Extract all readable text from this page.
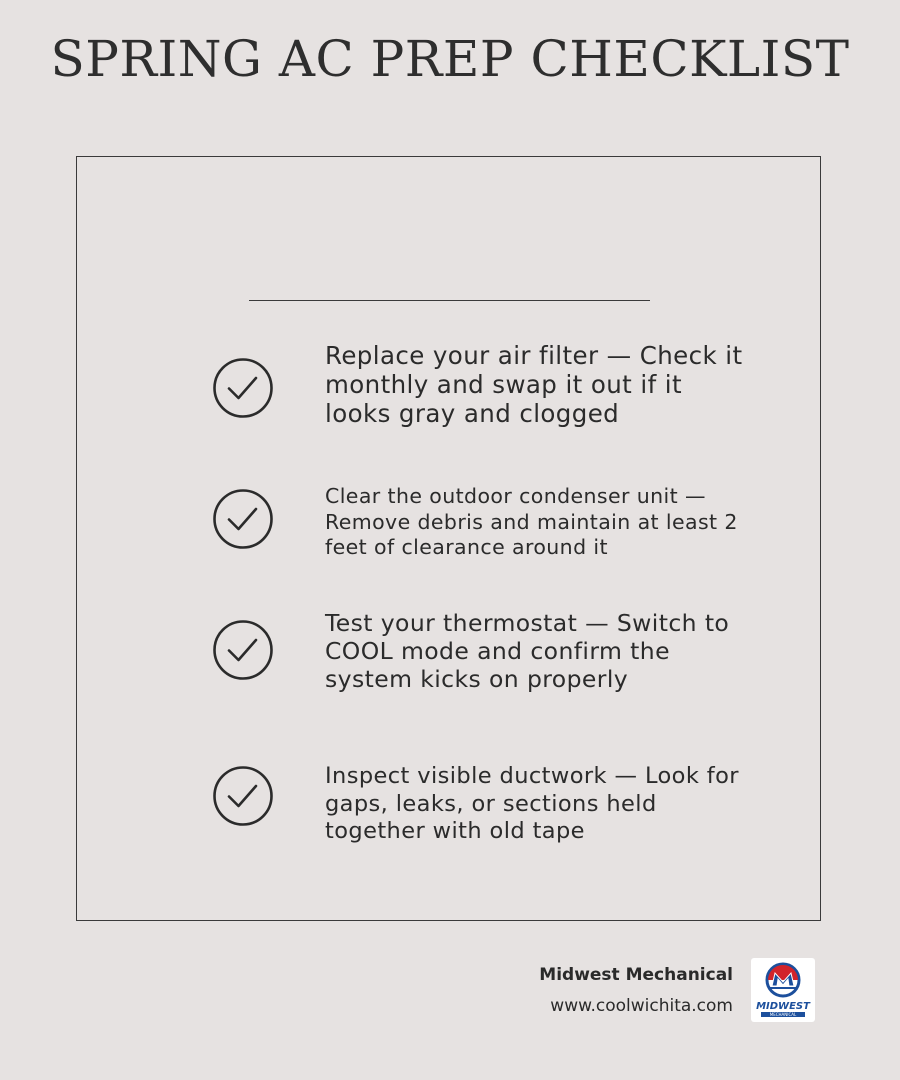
SPRING AC PREP CHECKLIST
Replace your air filter — Check it monthly and swap it out if it looks gray and clogged
Clear the outdoor condenser unit — Remove debris and maintain at least 2 feet of clearance around it
Test your thermostat — Switch to COOL mode and confirm the system kicks on properly
Inspect visible ductwork — Look for gaps, leaks, or sections held together with old tape
Midwest Mechanical
www.coolwichita.com MIDWEST
MECHANICAL
